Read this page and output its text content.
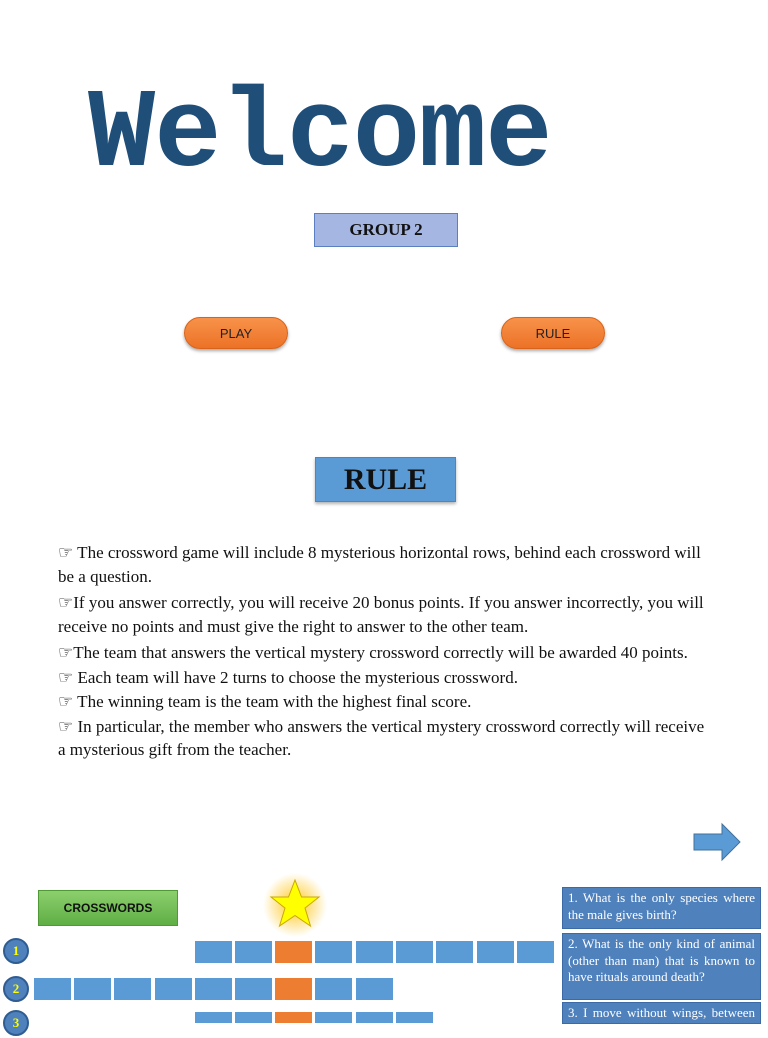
Welcome
GROUP 2
PLAY	RULE
RULE
☞ The crossword game will include 8 mysterious horizontal rows, behind each crossword will be a question.
☞If you answer correctly, you will receive 20 bonus points. If you answer incorrectly, you will receive no points and must give the right to answer to the other team.
☞The team that answers the vertical mystery crossword correctly will be awarded 40 points.
☞ Each team will have 2 turns to choose the mysterious crossword.
☞ The winning team is the team with the highest final score.
☞ In particular, the member who answers the vertical mystery crossword correctly will receive a mysterious gift from the teacher.
CROSSWORDS
1
2
3
1. What is the only species where the male gives birth?
2. What is the only kind of animal (other than man) that is known to have rituals around death?
3. I move without wings, between silken string, I leave as you find my
